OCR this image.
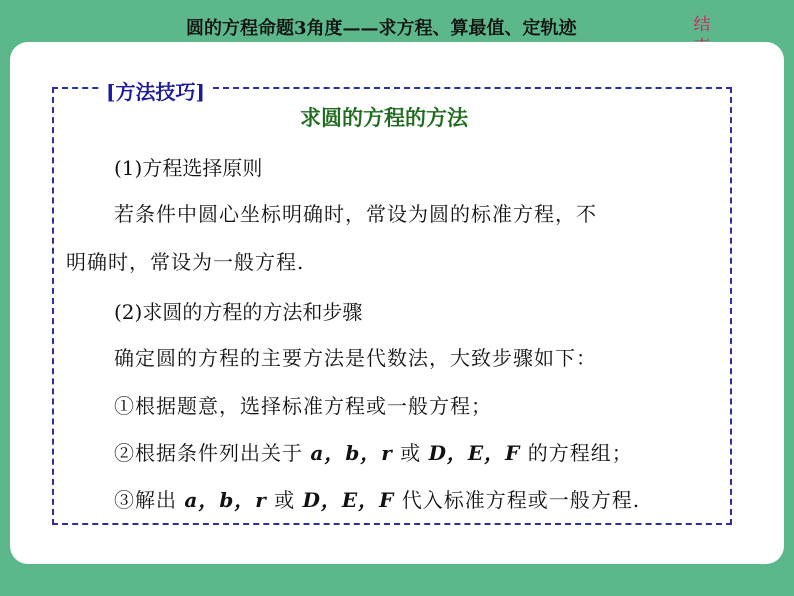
圆的方程命题3角度——求方程、算最值、定轨迹	结
[方法技巧]
求圆的方程的方法
(1)方程选择原则
若条件中圆心坐标明确时，常设为圆的标准方程，不
明确时，常设为一般方程.
(2)求圆的方程的方法和步骤
确定圆的方程的主要方法是代数法，大致步骤如下：
①根据题意，选择标准方程或一般方程；
②根据条件列出关于 a，b，r 或 D，E，F 的方程组；
③解出 a，b，r 或 D，E，F 代入标准方程或一般方程.
